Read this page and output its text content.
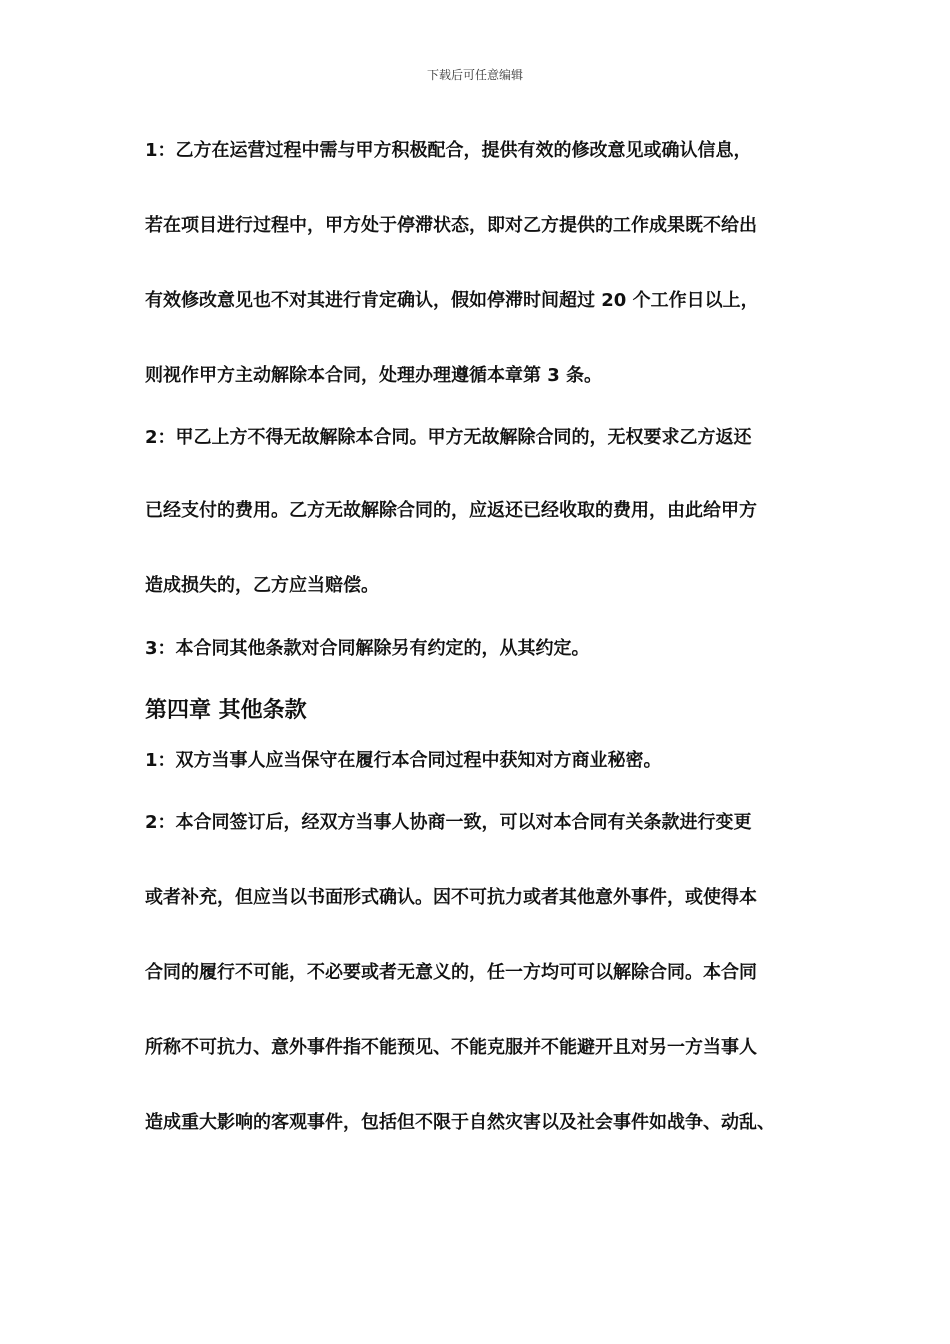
下载后可任意编辑
1：乙方在运营过程中需与甲方积极配合，提供有效的修改意见或确认信息，
若在项目进行过程中，甲方处于停滞状态，即对乙方提供的工作成果既不给出
有效修改意见也不对其进行肯定确认，假如停滞时间超过 20 个工作日以上，
则视作甲方主动解除本合同，处理办理遵循本章第 3 条。
2：甲乙上方不得无故解除本合同。甲方无故解除合同的，无权要求乙方返还
已经支付的费用。乙方无故解除合同的，应返还已经收取的费用，由此给甲方
造成损失的，乙方应当赔偿。
3：本合同其他条款对合同解除另有约定的，从其约定。
第四章 其他条款
1：双方当事人应当保守在履行本合同过程中获知对方商业秘密。
2：本合同签订后，经双方当事人协商一致，可以对本合同有关条款进行变更
或者补充，但应当以书面形式确认。因不可抗力或者其他意外事件，或使得本
合同的履行不可能，不必要或者无意义的，任一方均可可以解除合同。本合同
所称不可抗力、意外事件指不能预见、不能克服并不能避开且对另一方当事人
造成重大影响的客观事件，包括但不限于自然灾害以及社会事件如战争、动乱、
